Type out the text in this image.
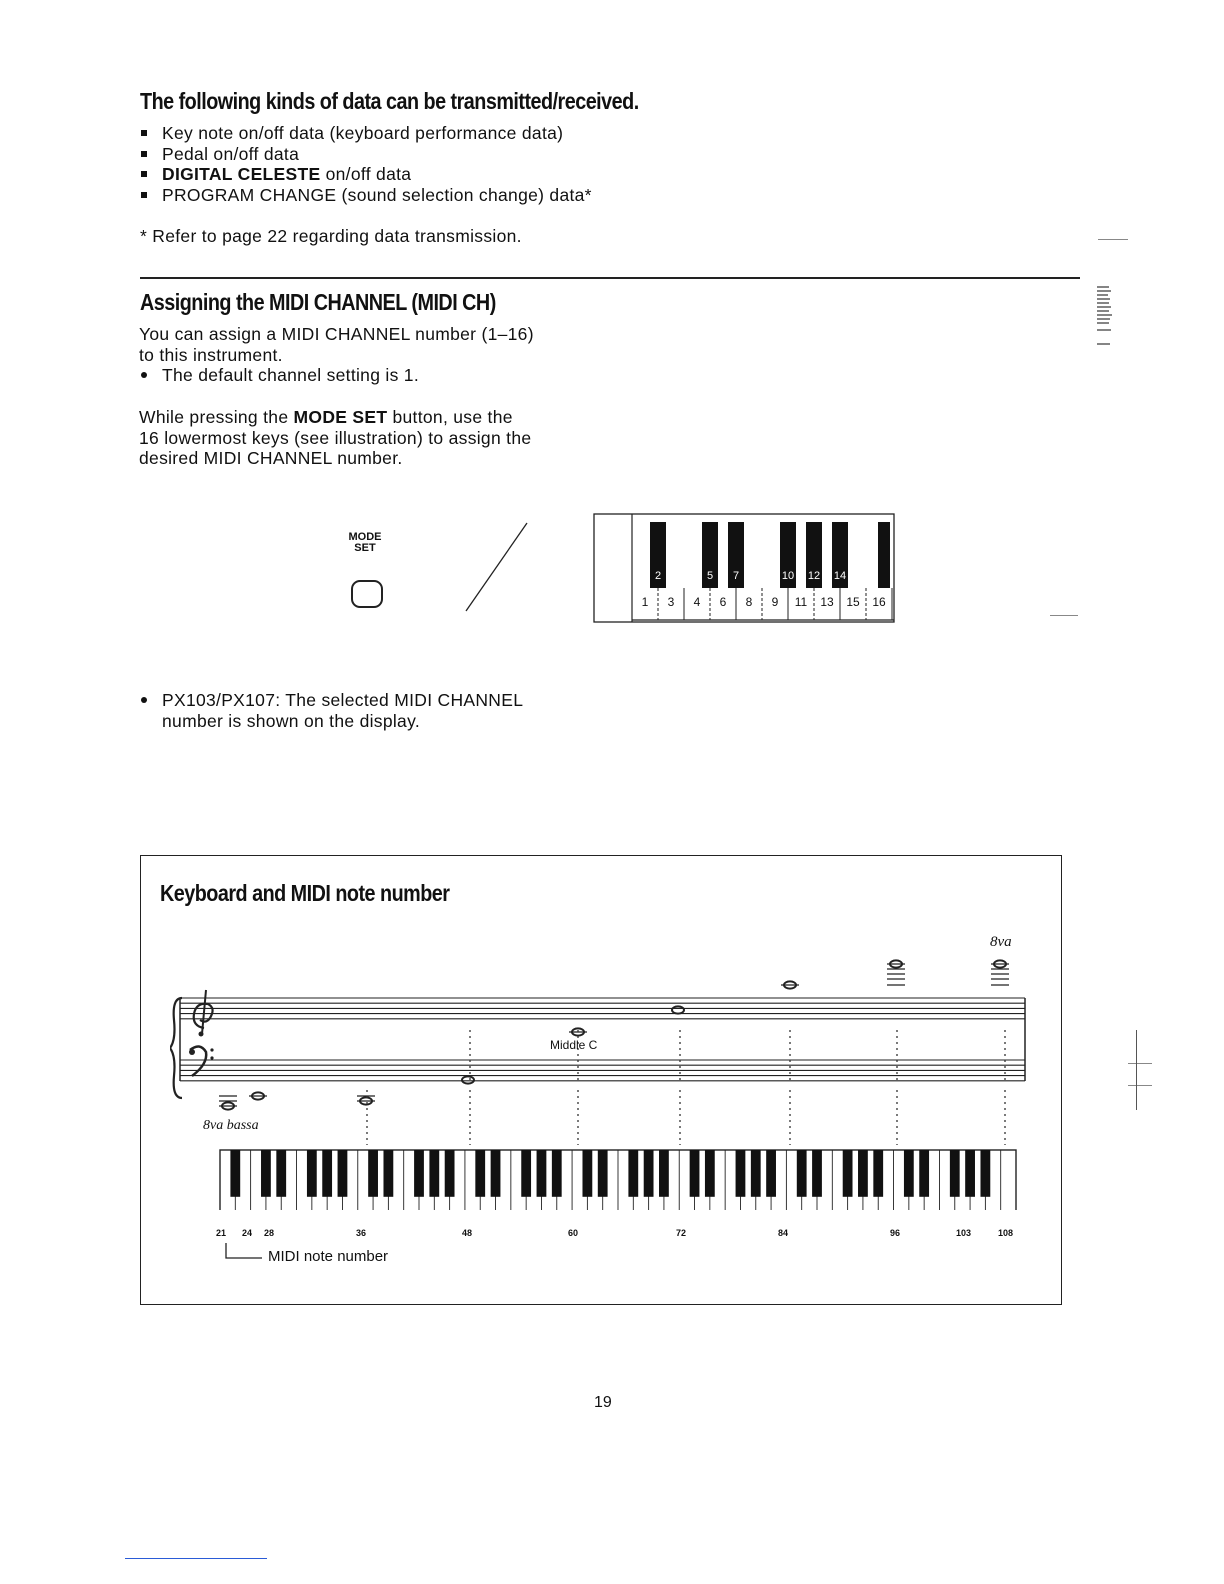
The following kinds of data can be transmitted/received.
Key note on/off data (keyboard performance data)
Pedal on/off data
DIGITAL CELESTE on/off data
PROGRAM CHANGE (sound selection change) data*
* Refer to page 22 regarding data transmission.
Assigning the MIDI CHANNEL (MIDI CH)
You can assign a MIDI CHANNEL number (1–16)
to this instrument.
The default channel setting is 1.
While pressing the MODE SET button, use the
16 lowermost keys (see illustration) to assign the
desired MIDI CHANNEL number.
MODE
SET
2	5	7	10 12 14
1	3	4	6	8	9	11	13	15	16
PX103/PX107: The selected MIDI CHANNEL
number is shown on the display.
Keyboard and MIDI note number
8va
8va bassa
Middle C
21 24 28	36	48	60	72	84	96	103	108
MIDI note number
19
